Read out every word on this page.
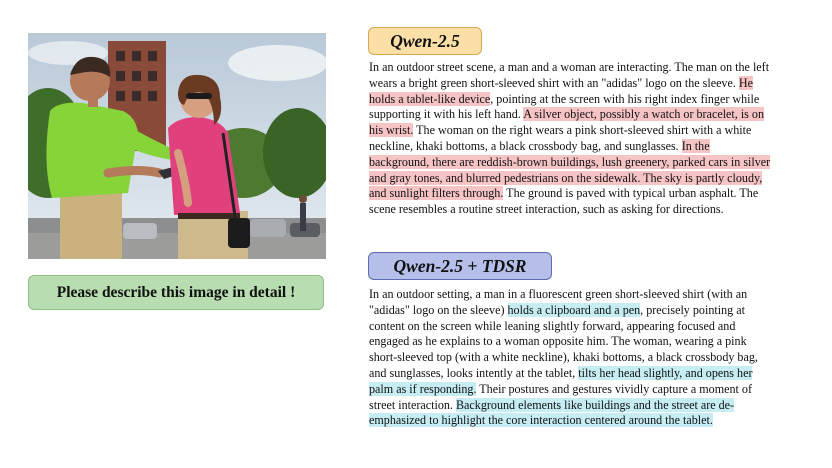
Please describe this image in detail !
Qwen-2.5
In an outdoor street scene, a man and a woman are interacting. The man on the left wears a bright green short-sleeved shirt with an "adidas" logo on the sleeve. He holds a tablet-like device, pointing at the screen with his right index finger while supporting it with his left hand. A silver object, possibly a watch or bracelet, is on his wrist. The woman on the right wears a pink short-sleeved shirt with a white neckline, khaki bottoms, a black crossbody bag, and sunglasses. In the background, there are reddish-brown buildings, lush greenery, parked cars in silver and gray tones, and blurred pedestrians on the sidewalk. The sky is partly cloudy, and sunlight filters through. The ground is paved with typical urban asphalt. The scene resembles a routine street interaction, such as asking for directions.
Qwen-2.5 + TDSR
In an outdoor setting, a man in a fluorescent green short-sleeved shirt (with an "adidas" logo on the sleeve) holds a clipboard and a pen, precisely pointing at content on the screen while leaning slightly forward, appearing focused and engaged as he explains to a woman opposite him. The woman, wearing a pink short-sleeved top (with a white neckline), khaki bottoms, a black crossbody bag, and sunglasses, looks intently at the tablet, tilts her head slightly, and opens her palm as if responding. Their postures and gestures vividly capture a moment of street interaction. Background elements like buildings and the street are de-emphasized to highlight the core interaction centered around the tablet.
